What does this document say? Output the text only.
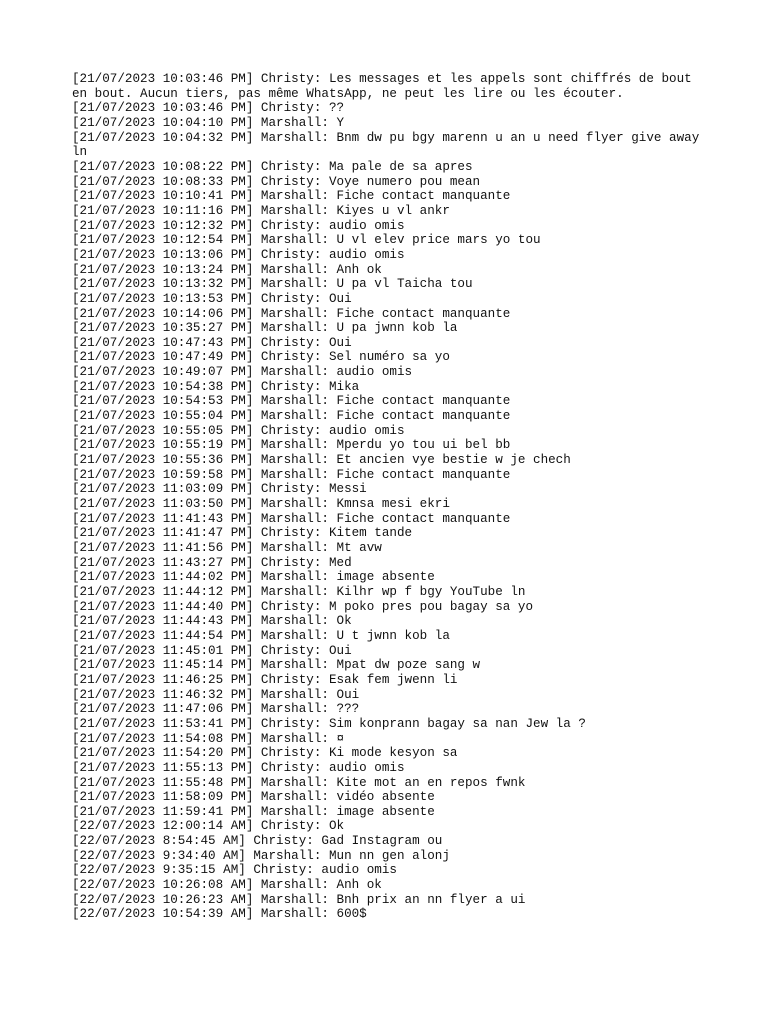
[21/07/2023 10:03:46 PM] Christy: Les messages et les appels sont chiffrés de bout en bout. Aucun tiers, pas même WhatsApp, ne peut les lire ou les écouter.
[21/07/2023 10:03:46 PM] Christy: ??
[21/07/2023 10:04:10 PM] Marshall: Y
[21/07/2023 10:04:32 PM] Marshall: Bnm dw pu bgy marenn u an u need flyer give away ln
[21/07/2023 10:08:22 PM] Christy: Ma pale de sa apres
[21/07/2023 10:08:33 PM] Christy: Voye numero pou mean
[21/07/2023 10:10:41 PM] Marshall: Fiche contact manquante
[21/07/2023 10:11:16 PM] Marshall: Kiyes u vl ankr
[21/07/2023 10:12:32 PM] Christy: audio omis
[21/07/2023 10:12:54 PM] Marshall: U vl elev price mars yo tou
[21/07/2023 10:13:06 PM] Christy: audio omis
[21/07/2023 10:13:24 PM] Marshall: Anh ok
[21/07/2023 10:13:32 PM] Marshall: U pa vl Taicha tou
[21/07/2023 10:13:53 PM] Christy: Oui
[21/07/2023 10:14:06 PM] Marshall: Fiche contact manquante
[21/07/2023 10:35:27 PM] Marshall: U pa jwnn kob la
[21/07/2023 10:47:43 PM] Christy: Oui
[21/07/2023 10:47:49 PM] Christy: Sel numéro sa yo
[21/07/2023 10:49:07 PM] Marshall: audio omis
[21/07/2023 10:54:38 PM] Christy: Mika
[21/07/2023 10:54:53 PM] Marshall: Fiche contact manquante
[21/07/2023 10:55:04 PM] Marshall: Fiche contact manquante
[21/07/2023 10:55:05 PM] Christy: audio omis
[21/07/2023 10:55:19 PM] Marshall: Mperdu yo tou ui bel bb
[21/07/2023 10:55:36 PM] Marshall: Et ancien vye bestie w je chech
[21/07/2023 10:59:58 PM] Marshall: Fiche contact manquante
[21/07/2023 11:03:09 PM] Christy: Messi
[21/07/2023 11:03:50 PM] Marshall: Kmnsa mesi ekri
[21/07/2023 11:41:43 PM] Marshall: Fiche contact manquante
[21/07/2023 11:41:47 PM] Christy: Kitem tande
[21/07/2023 11:41:56 PM] Marshall: Mt avw
[21/07/2023 11:43:27 PM] Christy: Med
[21/07/2023 11:44:02 PM] Marshall: image absente
[21/07/2023 11:44:12 PM] Marshall: Kilhr wp f bgy YouTube ln
[21/07/2023 11:44:40 PM] Christy: M poko pres pou bagay sa yo
[21/07/2023 11:44:43 PM] Marshall: Ok
[21/07/2023 11:44:54 PM] Marshall: U t jwnn kob la
[21/07/2023 11:45:01 PM] Christy: Oui
[21/07/2023 11:45:14 PM] Marshall: Mpat dw poze sang w
[21/07/2023 11:46:25 PM] Christy: Esak fem jwenn li
[21/07/2023 11:46:32 PM] Marshall: Oui
[21/07/2023 11:47:06 PM] Marshall: ???
[21/07/2023 11:53:41 PM] Christy: Sim konprann bagay sa nan Jew la ?
[21/07/2023 11:54:08 PM] Marshall: ¤
[21/07/2023 11:54:20 PM] Christy: Ki mode kesyon sa
[21/07/2023 11:55:13 PM] Christy: audio omis
[21/07/2023 11:55:48 PM] Marshall: Kite mot an en repos fwnk
[21/07/2023 11:58:09 PM] Marshall: vidéo absente
[21/07/2023 11:59:41 PM] Marshall: image absente
[22/07/2023 12:00:14 AM] Christy: Ok
[22/07/2023 8:54:45 AM] Christy: Gad Instagram ou
[22/07/2023 9:34:40 AM] Marshall: Mun nn gen alonj
[22/07/2023 9:35:15 AM] Christy: audio omis
[22/07/2023 10:26:08 AM] Marshall: Anh ok
[22/07/2023 10:26:23 AM] Marshall: Bnh prix an nn flyer a ui
[22/07/2023 10:54:39 AM] Marshall: 600$
